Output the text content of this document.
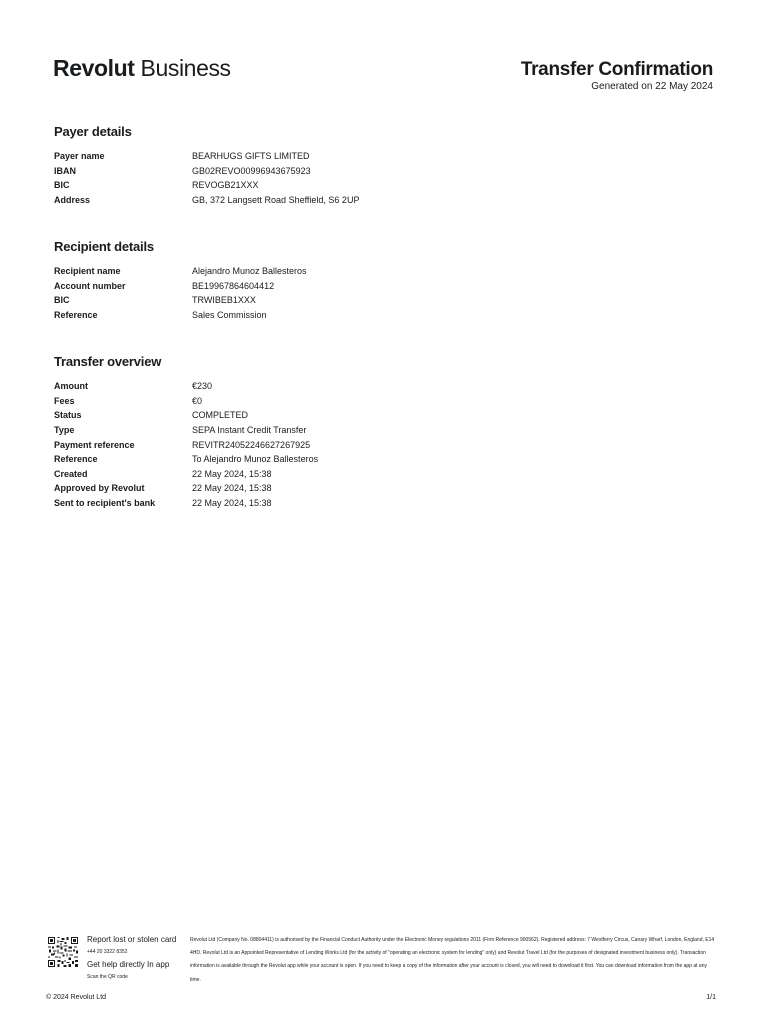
Revolut Business	Transfer Confirmation
Generated on 22 May 2024
Payer details
Payer name	BEARHUGS GIFTS LIMITED
IBAN	GB02REVO00996943675923
BIC	REVOGB21XXX
Address	GB, 372 Langsett Road Sheffield, S6 2UP
Recipient details
Recipient name	Alejandro Munoz Ballesteros
Account number	BE19967864604412
BIC	TRWIBEB1XXX
Reference	Sales Commission
Transfer overview
Amount	€230
Fees	€0
Status	COMPLETED
Type	SEPA Instant Credit Transfer
Payment reference	REVITR24052246627267925
Reference	To Alejandro Munoz Ballesteros
Created	22 May 2024, 15:38
Approved by Revolut	22 May 2024, 15:38
Sent to recipient's bank	22 May 2024, 15:38
Report lost or stolen card
+44 20 3322 8352
Get help directly In app
Scan the QR code
Revolut Ltd (Company No. 08804411) is authorised by the Financial Conduct Authority under the Electronic Money regulations 2011 (Firm Reference 900562). Registered address: 7 Westferry Circus, Canary Wharf, London, England, E14 4HD. Revolut Ltd is an Appointed Representative of Lending Works Ltd (for the activity of "operating an electronic system for lending" only) and Revolut Travel Ltd (for the purposes of designated investment business only). Transaction information is available through the Revolut app while your account is open. If you need to keep a copy of the information after your account is closed, you will need to download it first. You can download information from the app at any time.
© 2024 Revolut Ltd	1/1
